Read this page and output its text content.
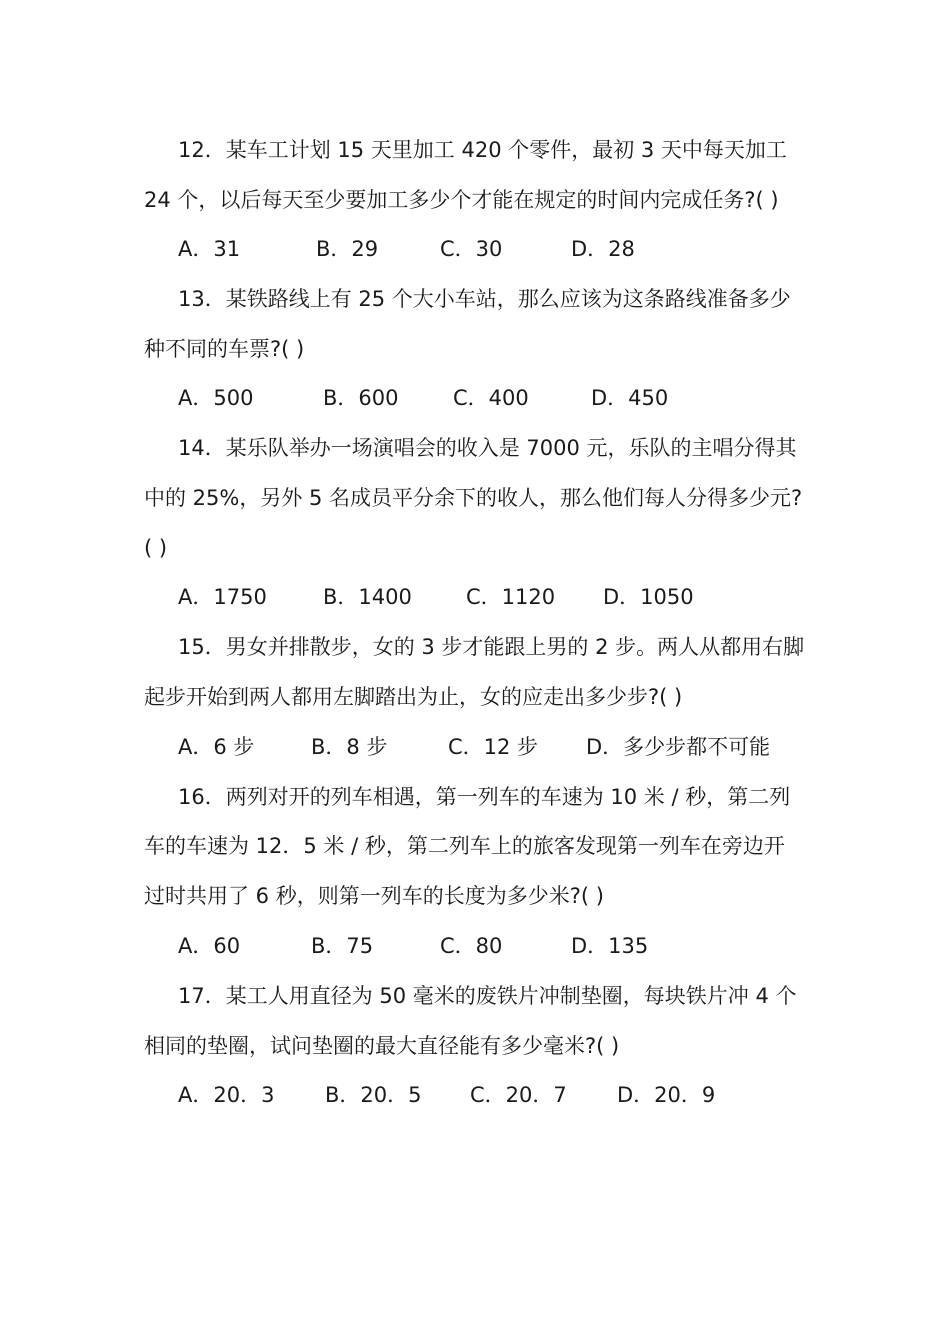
12．某车工计划 15 天里加工 420 个零件，最初 3 天中每天加工
24 个，以后每天至少要加工多少个才能在规定的时间内完成任务?( )
A．31	B．29	C．30	D．28
13．某铁路线上有 25 个大小车站，那么应该为这条路线准备多少
种不同的车票?( )
A．500	B．600	C．400	D．450
14．某乐队举办一场演唱会的收入是 7000 元，乐队的主唱分得其
中的 25%，另外 5 名成员平分余下的收人，那么他们每人分得多少元?
( )
A．1750	B．1400	C．1120 D．1050
15．男女并排散步，女的 3 步才能跟上男的 2 步。两人从都用右脚
起步开始到两人都用左脚踏出为止，女的应走出多少步?( )
A．6 步	B．8 步	C．12 步 D．多少步都不可能
16．两列对开的列车相遇，第一列车的车速为 10 米 / 秒，第二列
车的车速为 12．5 米 / 秒，第二列车上的旅客发现第一列车在旁边开
过时共用了 6 秒，则第一列车的长度为多少米?( )
A．60	B．75	C．80	D．135
17．某工人用直径为 50 毫米的废铁片冲制垫圈，每块铁片冲 4 个
相同的垫圈，试问垫圈的最大直径能有多少毫米?( )
A．20．3 B．20．5 C．20．7 D．20．9
